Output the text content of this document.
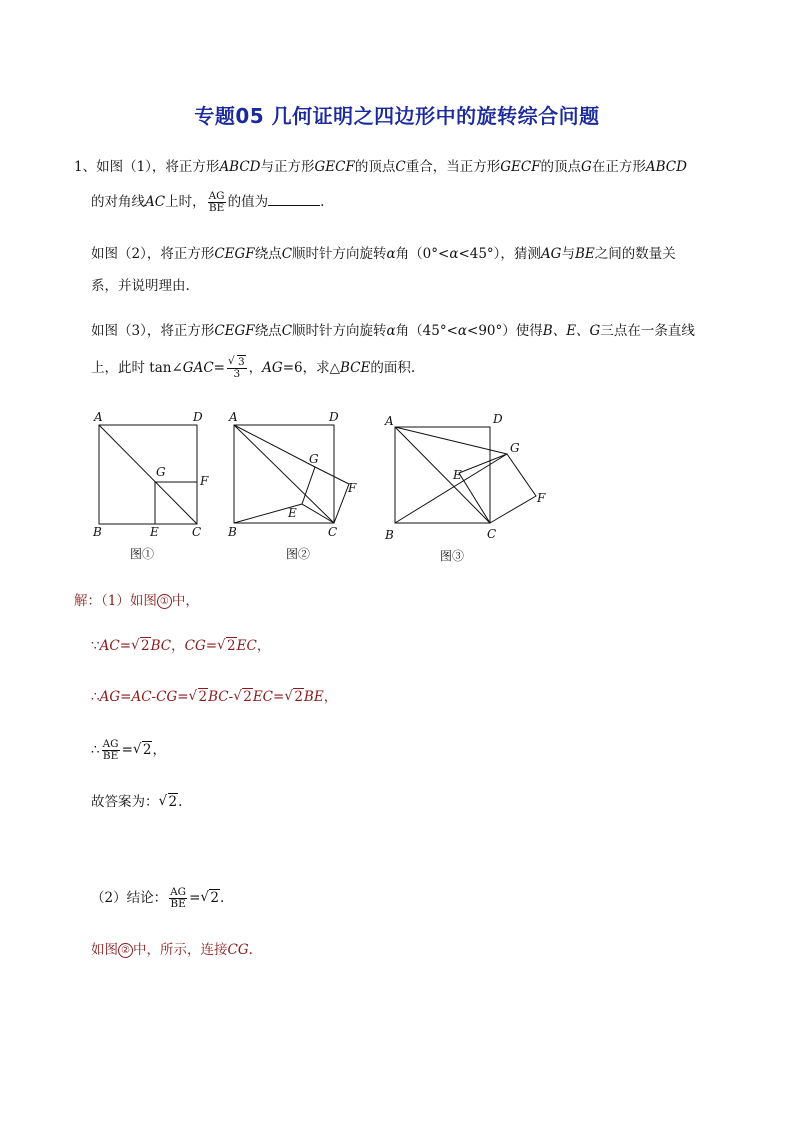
专题05 几何证明之四边形中的旋转综合问题
1、如图（1），将正方形ABCD与正方形GECF的顶点C重合，当正方形GECF的顶点G在正方形ABCD
的对角线AC上时， $\frac{AG}{BE}$ 的值为	.
如图（2），将正方形CEGF绕点C顺时针方向旋转α角（0°<α<45°），猜测AG与BE之间的数量关
系，并说明理由.
如图（3），将正方形CEGF绕点C顺时针方向旋转α角（45°<α<90°）使得B、E、G三点在一条直线
上，此时 tan∠GAC= √ $\frac{3}{3}$ ，AG=6，求△BCE的面积.
A	D
B	C
E
F
G
图①
A	D
B	C
E
G
F
图②
A	D
B	C
E
G
F
图③
解：（1）如图 ① 中，
∵AC= √ 2BC，CG= √ 2EC，
∴AG=AC-CG= √ 2BC- √ 2EC= √ 2BE，
∴ $\frac{AG}{BE}$ = √ 2，
故答案为： √ 2.
（2）结论： $\frac{AG}{BE}$ = √ 2.
如图 ② 中，所示，连接CG.
